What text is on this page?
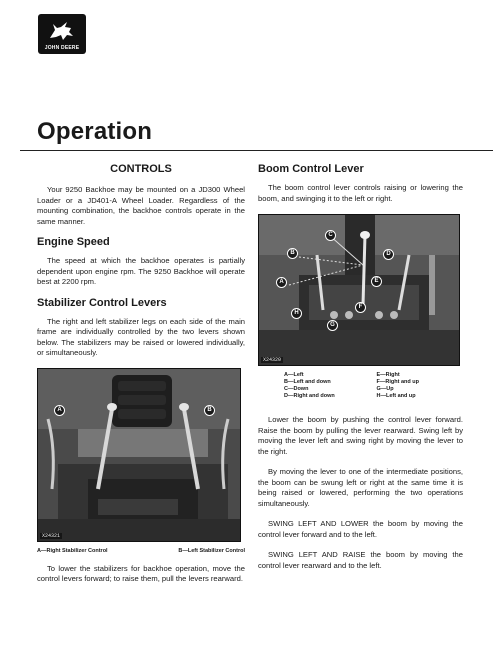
JOHN DEERE
Operation
CONTROLS

Your 9250 Backhoe may be mounted on a JD300 Wheel Loader or a JD401-A Wheel Loader. Regardless of the mounting combination, the backhoe controls operate in the same manner.

Engine Speed

The speed at which the backhoe operates is partially dependent upon engine rpm. The 9250 Backhoe will operate best at 2200 rpm.

Stabilizer Control Levers

The right and left stabilizer legs on each side of the main frame are individually controlled by the two levers shown below. The stabilizers may be raised or lowered individually, or simultaneously.

A	B
X24321
A—Right Stabilizer Control	B—Left Stabilizer Control

To lower the stabilizers for backhoe operation, move the control levers forward; to raise them, pull the levers rearward.

Boom Control Lever

The boom control lever controls raising or lowering the boom, and swinging it to the left or right.

C
B
A
H
D
E
F
G
X24320
A—Left	E—Right
B—Left and down	F—Right and up
C—Down	G—Up
D—Right and down	H—Left and up

Lower the boom by pushing the control lever forward. Raise the boom by pulling the lever rearward. Swing left by moving the lever left and swing right by moving the lever to the right.

By moving the lever to one of the intermediate positions, the boom can be swung left or right at the same time it is being raised or lowered, performing the two operations simultaneously.

SWING LEFT AND LOWER the boom by moving the control lever forward and to the left.

SWING LEFT AND RAISE the boom by moving the control lever rearward and to the left.
